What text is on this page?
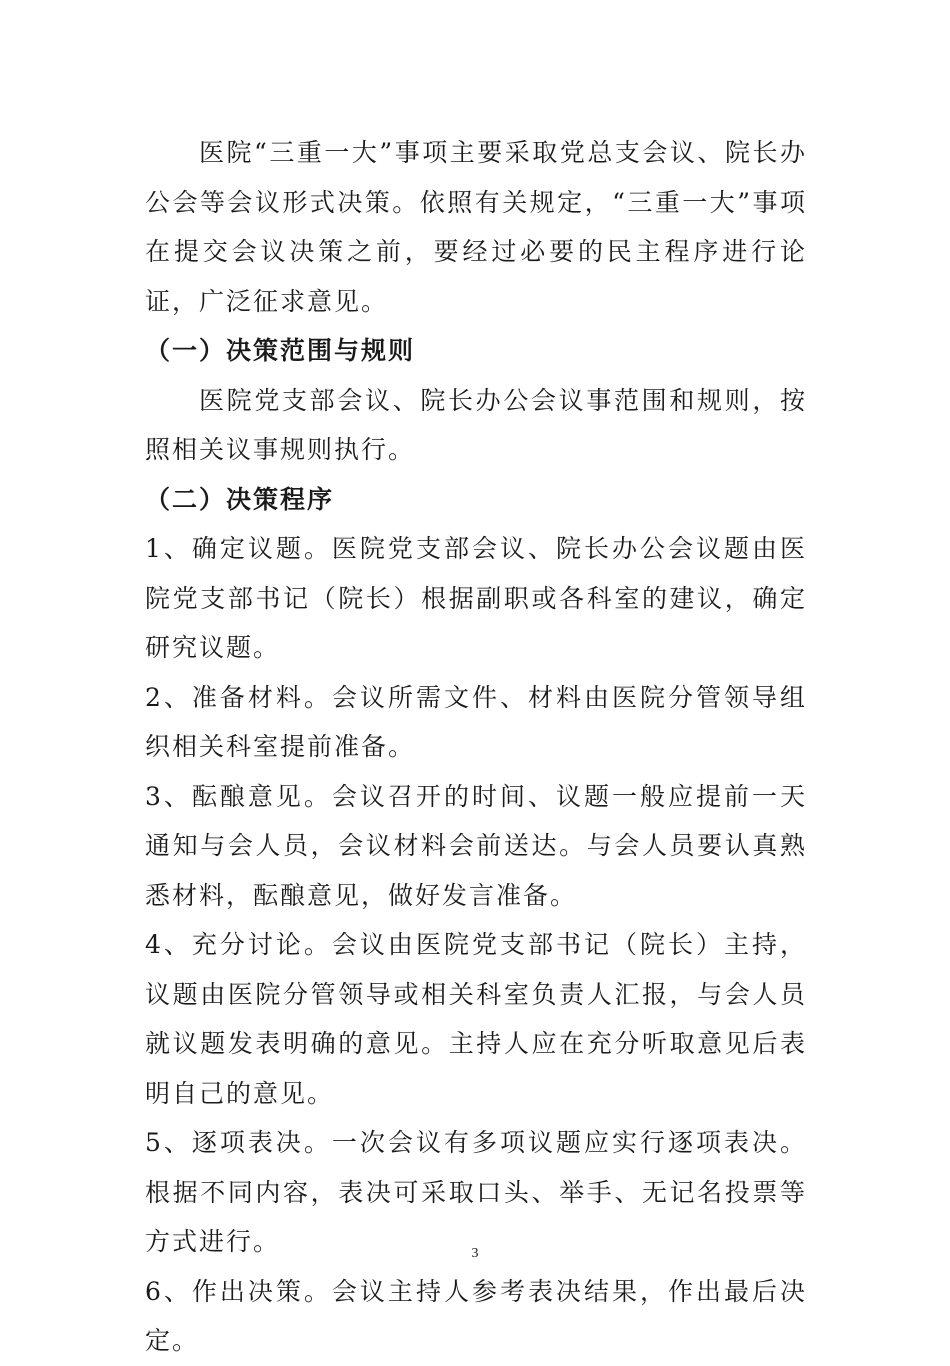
医院“三重一大”事项主要采取党总支会议、院长办公会等会议形式决策。依照有关规定，“三重一大”事项在提交会议决策之前，要经过必要的民主程序进行论证，广泛征求意见。

（一）决策范围与规则

医院党支部会议、院长办公会议事范围和规则，按照相关议事规则执行。

（二）决策程序

1、确定议题。医院党支部会议、院长办公会议题由医院党支部书记（院长）根据副职或各科室的建议，确定研究议题。

2、准备材料。会议所需文件、材料由医院分管领导组织相关科室提前准备。

3、酝酿意见。会议召开的时间、议题一般应提前一天通知与会人员，会议材料会前送达。与会人员要认真熟悉材料，酝酿意见，做好发言准备。

4、充分讨论。会议由医院党支部书记（院长）主持，议题由医院分管领导或相关科室负责人汇报，与会人员就议题发表明确的意见。主持人应在充分听取意见后表明自己的意见。

5、逐项表决。一次会议有多项议题应实行逐项表决。根据不同内容，表决可采取口头、举手、无记名投票等方式进行。

6、作出决策。会议主持人参考表决结果，作出最后决定。

3
